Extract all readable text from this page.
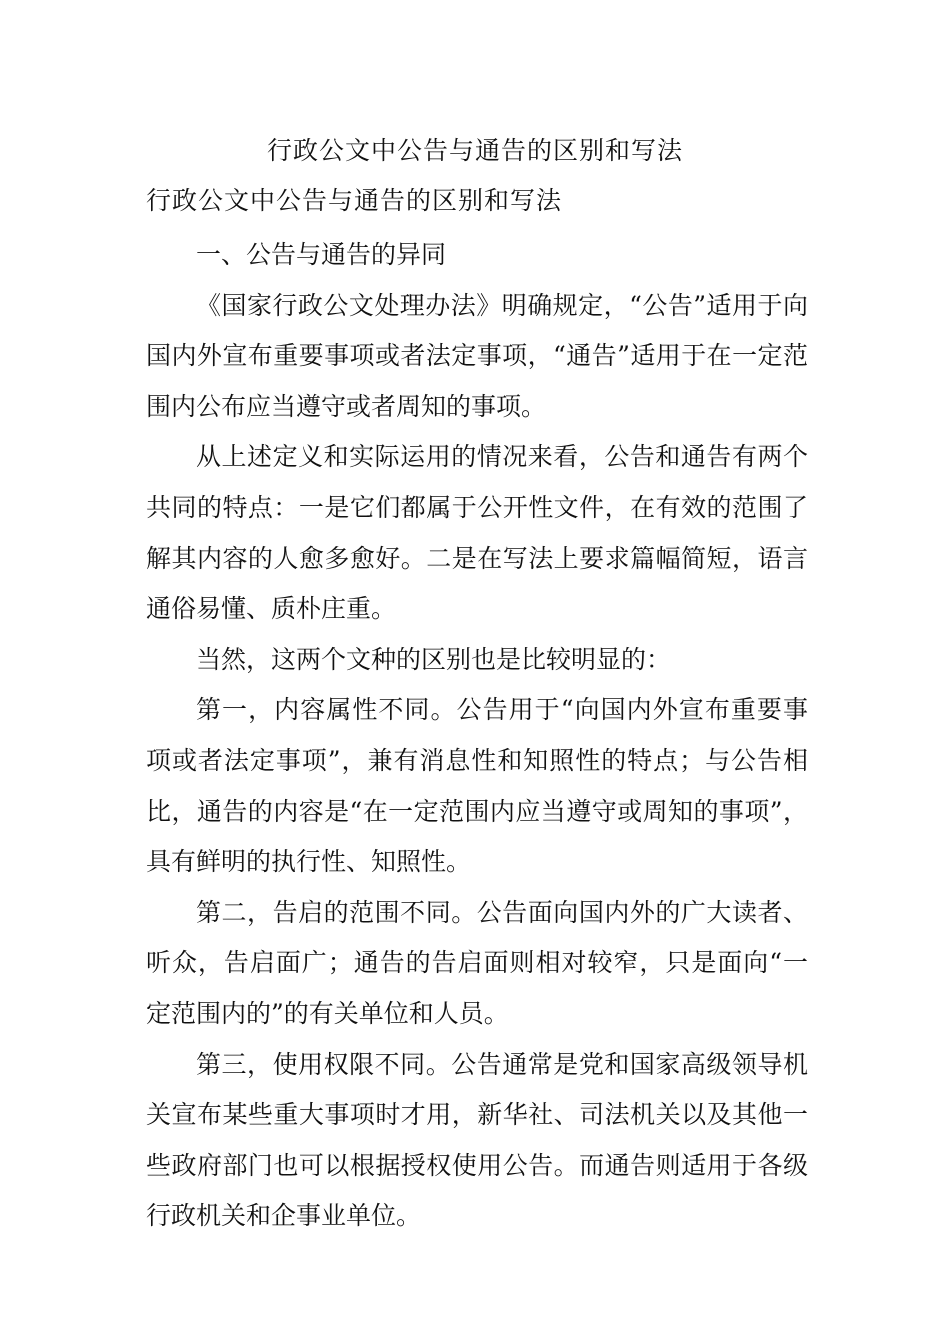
行政公文中公告与通告的区别和写法
行政公文中公告与通告的区别和写法

一、公告与通告的异同

《国家行政公文处理办法》明确规定，“公告”适用于向国内外宣布重要事项或者法定事项，“通告”适用于在一定范围内公布应当遵守或者周知的事项。

从上述定义和实际运用的情况来看，公告和通告有两个共同的特点：一是它们都属于公开性文件，在有效的范围了解其内容的人愈多愈好。二是在写法上要求篇幅简短，语言通俗易懂、质朴庄重。

当然，这两个文种的区别也是比较明显的：

第一，内容属性不同。公告用于“向国内外宣布重要事项或者法定事项”，兼有消息性和知照性的特点；与公告相比，通告的内容是“在一定范围内应当遵守或周知的事项”，具有鲜明的执行性、知照性。

第二，告启的范围不同。公告面向国内外的广大读者、听众，告启面广；通告的告启面则相对较窄，只是面向“一定范围内的”的有关单位和人员。

第三，使用权限不同。公告通常是党和国家高级领导机关宣布某些重大事项时才用，新华社、司法机关以及其他一些政府部门也可以根据授权使用公告。而通告则适用于各级行政机关和企事业单位。
